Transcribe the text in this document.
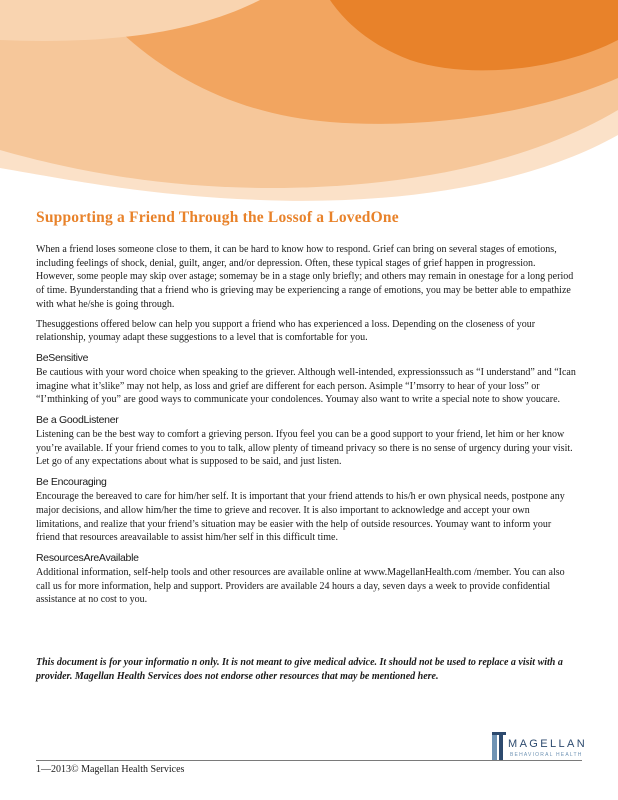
Supporting a Friend Through the Lossof a LovedOne

When a friend loses someone close to them, it can be hard to know how to respond. Grief can bring on several stages of emotions, including feelings of shock, denial, guilt, anger, and/or depression. Often, these typical stages of grief happen in progression. However, some people may skip over astage; somemay be in a stage only briefly; and others may remain in onestage for a long period of time. Byunderstanding that a friend who is grieving may be experiencing a range of emotions, you may be better able to empathize with what he/she is going through.

Thesuggestions offered below can help you support a friend who has experienced a loss. Depending on the closeness of your relationship, youmay adapt these suggestions to a level that is comfortable for you.

BeSensitive

Be cautious with your word choice when speaking to the griever. Although well-intended, expressionssuch as “I understand” and “Ican imagine what it’slike” may not help, as loss and grief are different for each person. Asimple “I’msorry to hear of your loss” or “I’mthinking of you” are good ways to communicate your condolences. Youmay also want to write a special note to show youcare.

Be a GoodListener

Listening can be the best way to comfort a grieving person. Ifyou feel you can be a good support to your friend, let him or her know you’re available. If your friend comes to you to talk, allow plenty of timeand privacy so there is no sense of urgency during your visit. Let go of any expectations about what is supposed to be said, and just listen.

Be Encouraging

Encourage the bereaved to care for him/her self. It is important that your friend attends to his/h er own physical needs, postpone any major decisions, and allow him/her the time to grieve and recover. It is also important to acknowledge and accept your own limitations, and realize that your friend’s situation may be easier with the help of outside resources. Youmay want to inform your friend that resources areavailable to assist him/her self in this difficult time.

ResourcesAreAvailable

Additional information, self-help tools and other resources are available online at www.MagellanHealth.com /member. You can also call us for more information, help and support. Providers are available 24 hours a day, seven days a week to provide confidential assistance at no cost to you.

This document is for your informatio n only. It is not meant to give medical advice. It should not be used to replace a visit with a provider. Magellan Health Services does not endorse other resources that may be mentioned here.
MAGELLAN
BEHAVIORAL HEALTH
1—2013© Magellan Health Services
